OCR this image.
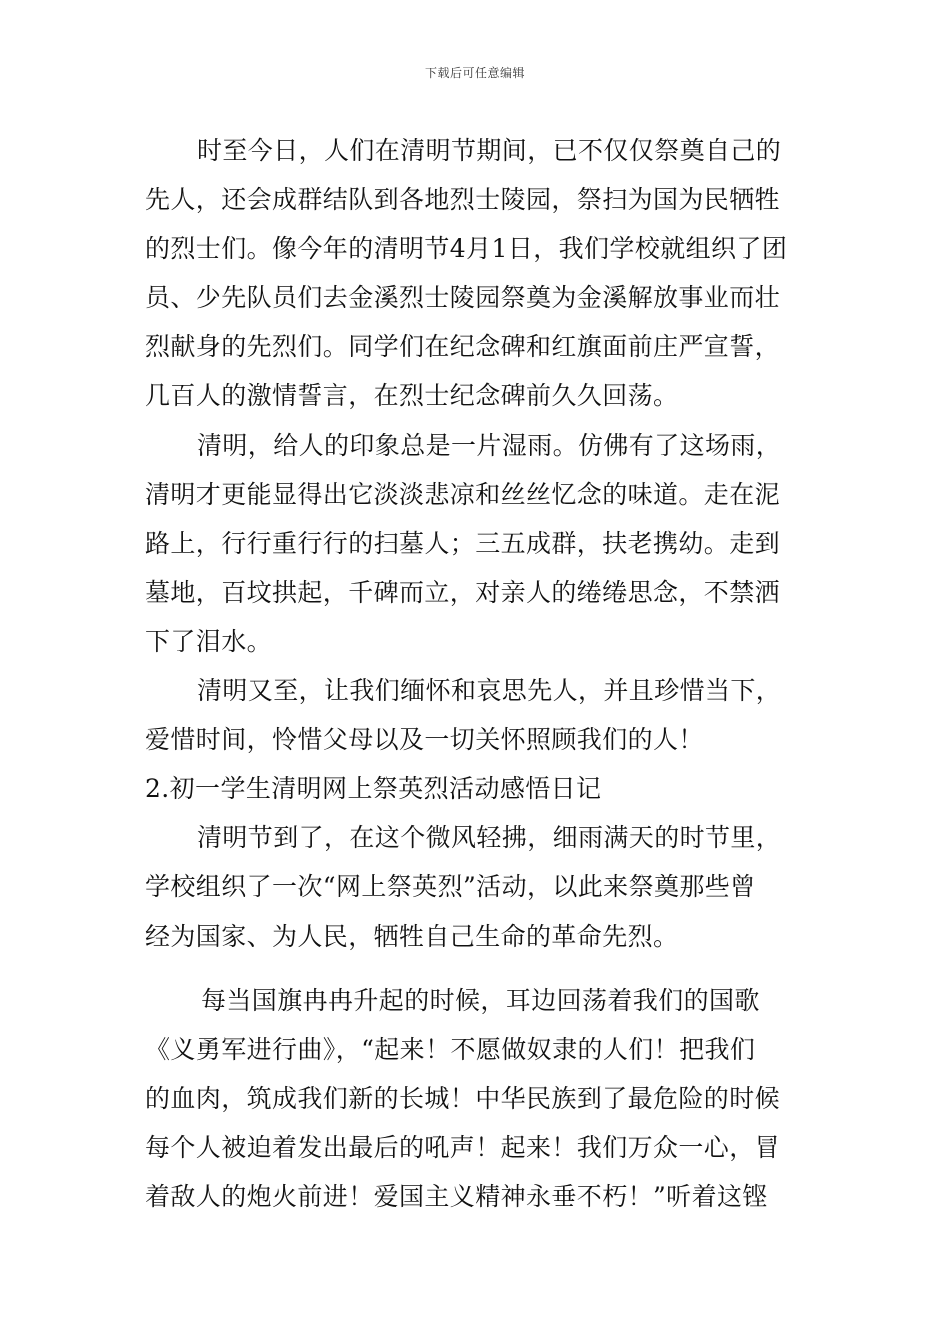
下载后可任意编辑
时至今日，人们在清明节期间，已不仅仅祭奠自己的
先人，还会成群结队到各地烈士陵园，祭扫为国为民牺牲
的烈士们。像今年的清明节4月1日，我们学校就组织了团
员、少先队员们去金溪烈士陵园祭奠为金溪解放事业而壮
烈献身的先烈们。同学们在纪念碑和红旗面前庄严宣誓，
几百人的激情誓言，在烈士纪念碑前久久回荡。
清明，给人的印象总是一片湿雨。仿佛有了这场雨，
清明才更能显得出它淡淡悲凉和丝丝忆念的味道。走在泥
路上，行行重行行的扫墓人；三五成群，扶老携幼。走到
墓地，百坟拱起，千碑而立，对亲人的绻绻思念，不禁洒
下了泪水。
清明又至，让我们缅怀和哀思先人，并且珍惜当下，
爱惜时间，怜惜父母以及一切关怀照顾我们的人！
2.初一学生清明网上祭英烈活动感悟日记
清明节到了，在这个微风轻拂，细雨满天的时节里，
学校组织了一次“网上祭英烈”活动，以此来祭奠那些曾
经为国家、为人民，牺牲自己生命的革命先烈。
每当国旗冉冉升起的时候，耳边回荡着我们的国歌
《义勇军进行曲》，“起来！不愿做奴隶的人们！把我们
的血肉，筑成我们新的长城！中华民族到了最危险的时候
每个人被迫着发出最后的吼声！起来！我们万众一心，冒
着敌人的炮火前进！爱国主义精神永垂不朽！”听着这铿
